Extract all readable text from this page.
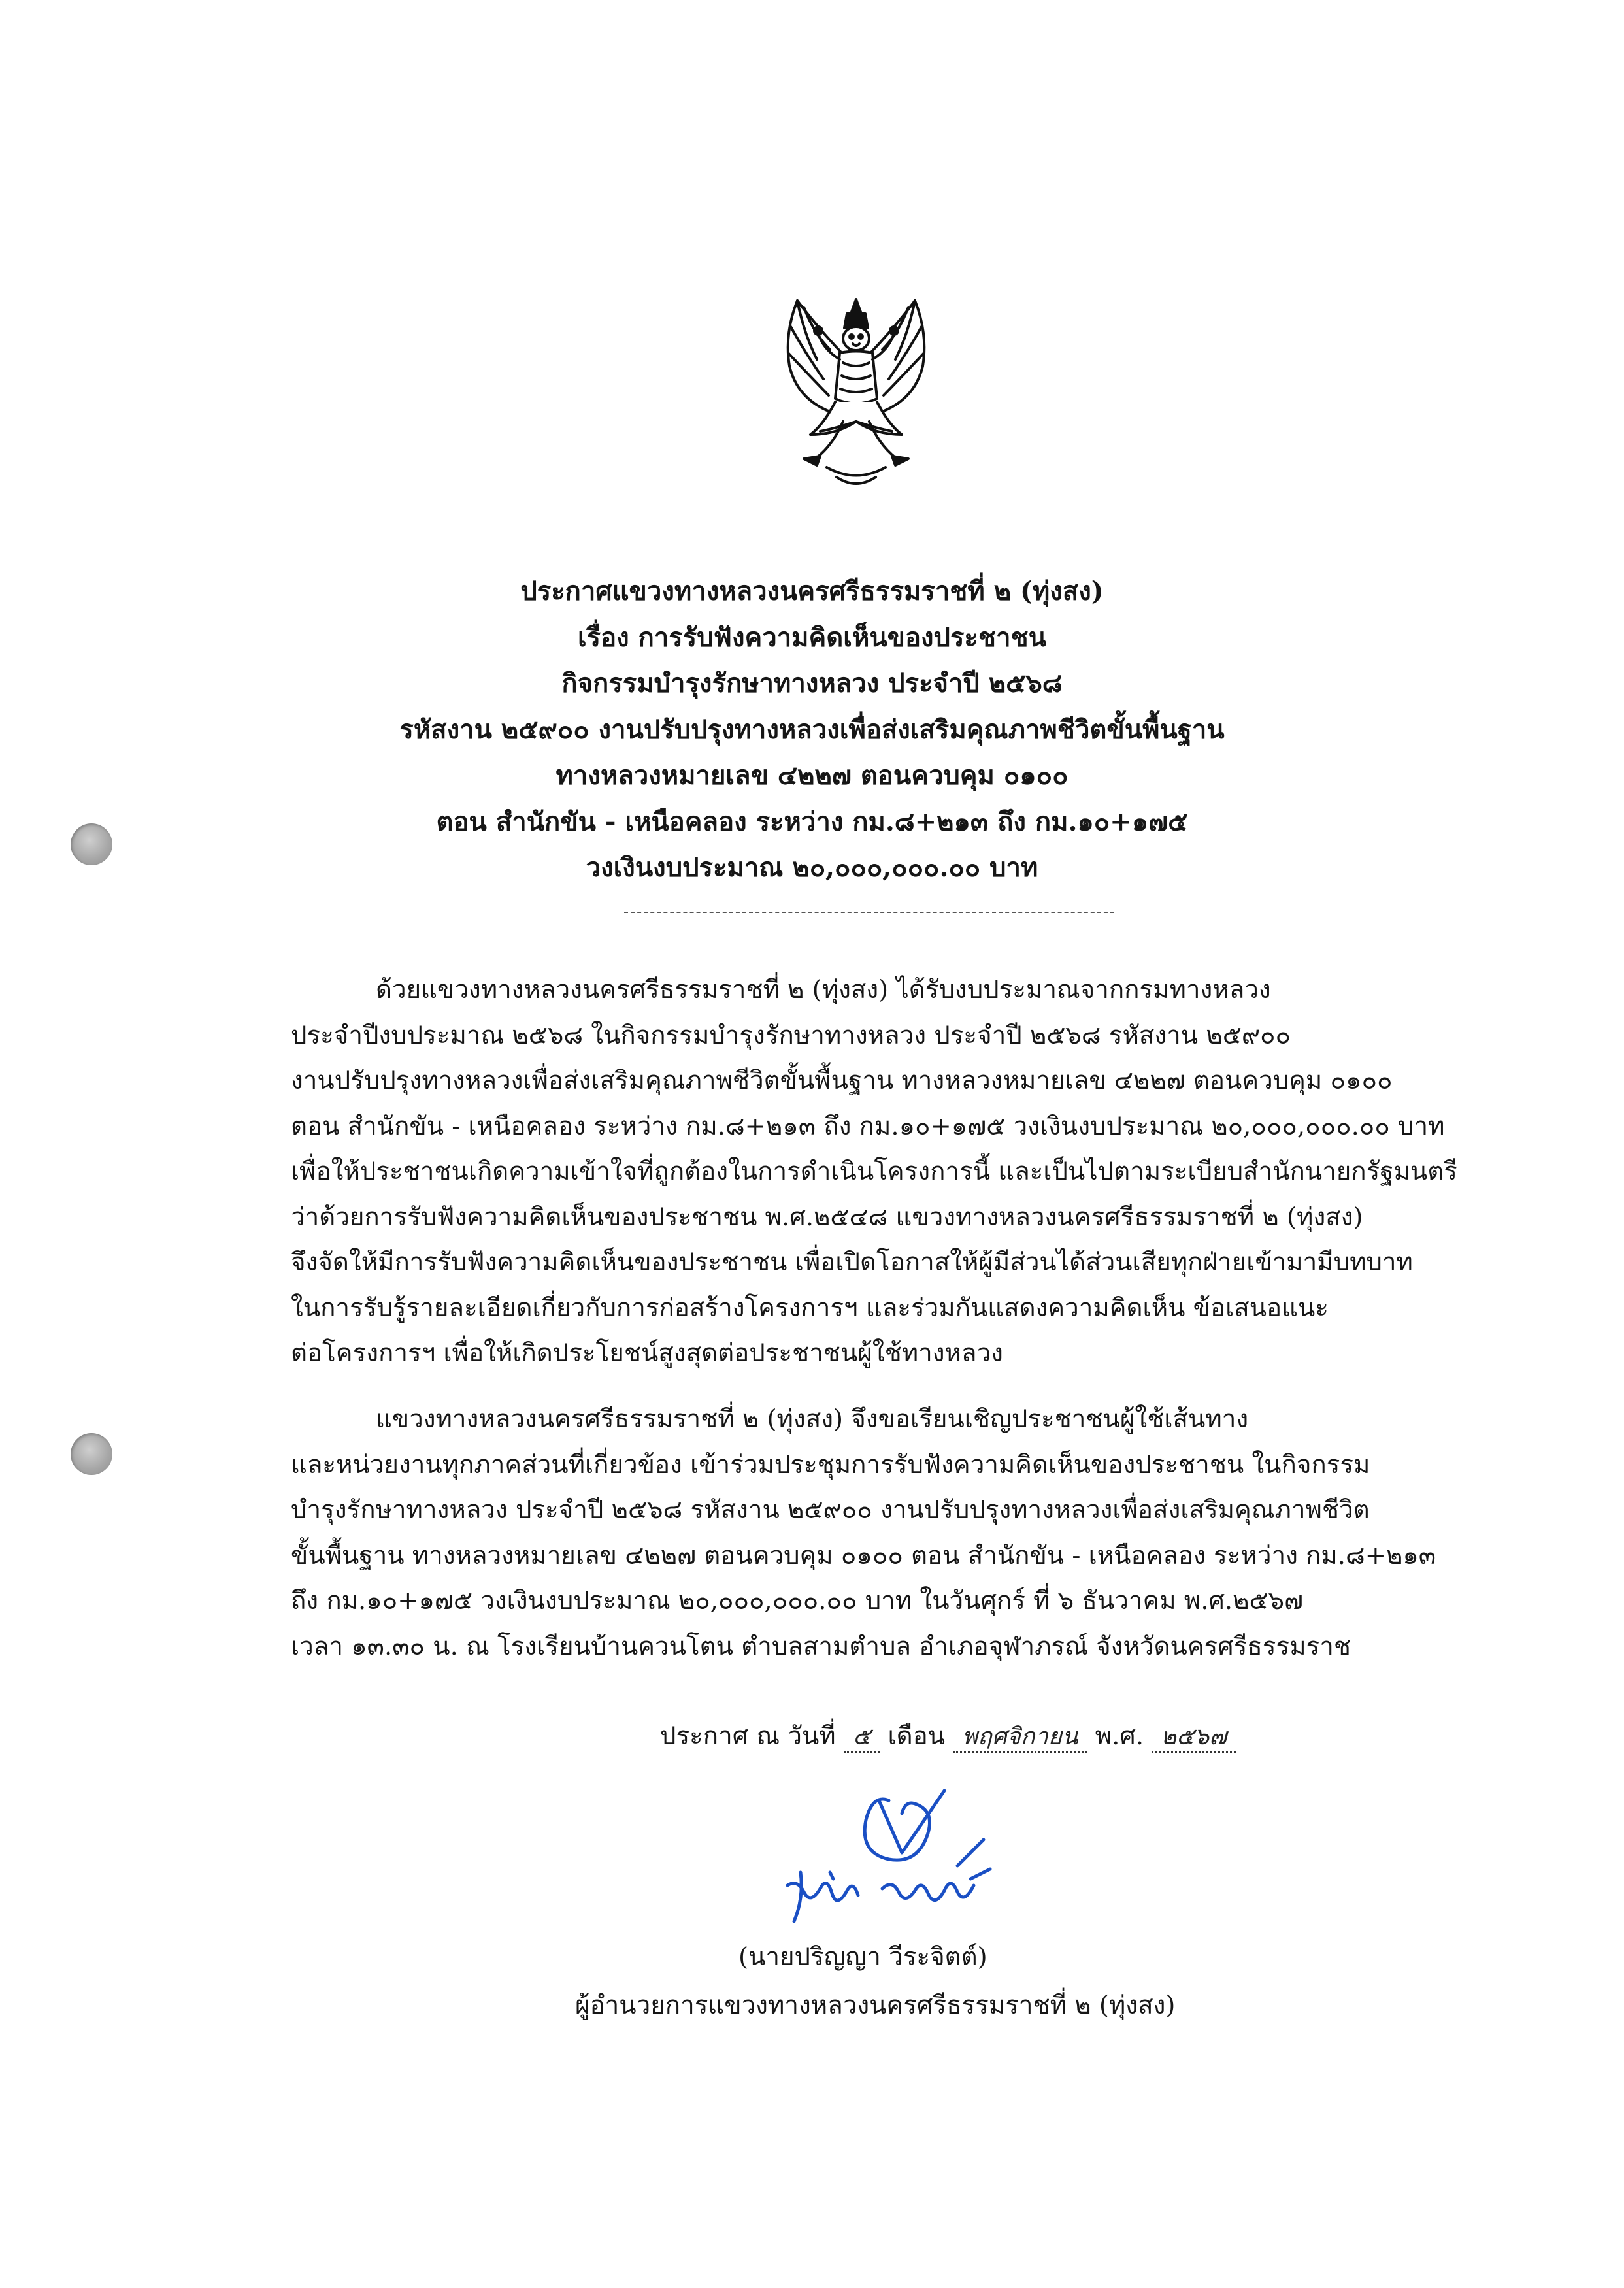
ประกาศแขวงทางหลวงนครศรีธรรมราชที่ ๒ (ทุ่งสง)
เรื่อง การรับฟังความคิดเห็นของประชาชน
กิจกรรมบำรุงรักษาทางหลวง ประจำปี ๒๕๖๘
รหัสงาน ๒๕๙๐๐ งานปรับปรุงทางหลวงเพื่อส่งเสริมคุณภาพชีวิตขั้นพื้นฐาน
ทางหลวงหมายเลข ๔๒๒๗ ตอนควบคุม ๐๑๐๐
ตอน สำนักขัน - เหนือคลอง ระหว่าง กม.๘+๒๑๓ ถึง กม.๑๐+๑๗๕
วงเงินงบประมาณ ๒๐,๐๐๐,๐๐๐.๐๐ บาท
ด้วยแขวงทางหลวงนครศรีธรรมราชที่ ๒ (ทุ่งสง) ได้รับงบประมาณจากกรมทางหลวง
ประจำปีงบประมาณ ๒๕๖๘ ในกิจกรรมบำรุงรักษาทางหลวง ประจำปี ๒๕๖๘ รหัสงาน ๒๕๙๐๐
งานปรับปรุงทางหลวงเพื่อส่งเสริมคุณภาพชีวิตขั้นพื้นฐาน ทางหลวงหมายเลข ๔๒๒๗ ตอนควบคุม ๐๑๐๐
ตอน สำนักขัน - เหนือคลอง ระหว่าง กม.๘+๒๑๓ ถึง กม.๑๐+๑๗๕ วงเงินงบประมาณ ๒๐,๐๐๐,๐๐๐.๐๐ บาท
เพื่อให้ประชาชนเกิดความเข้าใจที่ถูกต้องในการดำเนินโครงการนี้ และเป็นไปตามระเบียบสำนักนายกรัฐมนตรี
ว่าด้วยการรับฟังความคิดเห็นของประชาชน พ.ศ.๒๕๔๘ แขวงทางหลวงนครศรีธรรมราชที่ ๒ (ทุ่งสง)
จึงจัดให้มีการรับฟังความคิดเห็นของประชาชน เพื่อเปิดโอกาสให้ผู้มีส่วนได้ส่วนเสียทุกฝ่ายเข้ามามีบทบาท
ในการรับรู้รายละเอียดเกี่ยวกับการก่อสร้างโครงการฯ และร่วมกันแสดงความคิดเห็น ข้อเสนอแนะ
ต่อโครงการฯ เพื่อให้เกิดประโยชน์สูงสุดต่อประชาชนผู้ใช้ทางหลวง
แขวงทางหลวงนครศรีธรรมราชที่ ๒ (ทุ่งสง) จึงขอเรียนเชิญประชาชนผู้ใช้เส้นทาง
และหน่วยงานทุกภาคส่วนที่เกี่ยวข้อง เข้าร่วมประชุมการรับฟังความคิดเห็นของประชาชน ในกิจกรรม
บำรุงรักษาทางหลวง ประจำปี ๒๕๖๘ รหัสงาน ๒๕๙๐๐ งานปรับปรุงทางหลวงเพื่อส่งเสริมคุณภาพชีวิต
ขั้นพื้นฐาน ทางหลวงหมายเลข ๔๒๒๗ ตอนควบคุม ๐๑๐๐ ตอน สำนักขัน - เหนือคลอง ระหว่าง กม.๘+๒๑๓
ถึง กม.๑๐+๑๗๕ วงเงินงบประมาณ ๒๐,๐๐๐,๐๐๐.๐๐ บาท ในวันศุกร์ ที่ ๖ ธันวาคม พ.ศ.๒๕๖๗
เวลา ๑๓.๓๐ น. ณ โรงเรียนบ้านควนโตน ตำบลสามตำบล อำเภอจุฬาภรณ์ จังหวัดนครศรีธรรมราช
ประกาศ ณ วันที่ ๕ เดือน พฤศจิกายน พ.ศ. ๒๕๖๗
(นายปริญญา วีระจิตต์)
ผู้อำนวยการแขวงทางหลวงนครศรีธรรมราชที่ ๒ (ทุ่งสง)
